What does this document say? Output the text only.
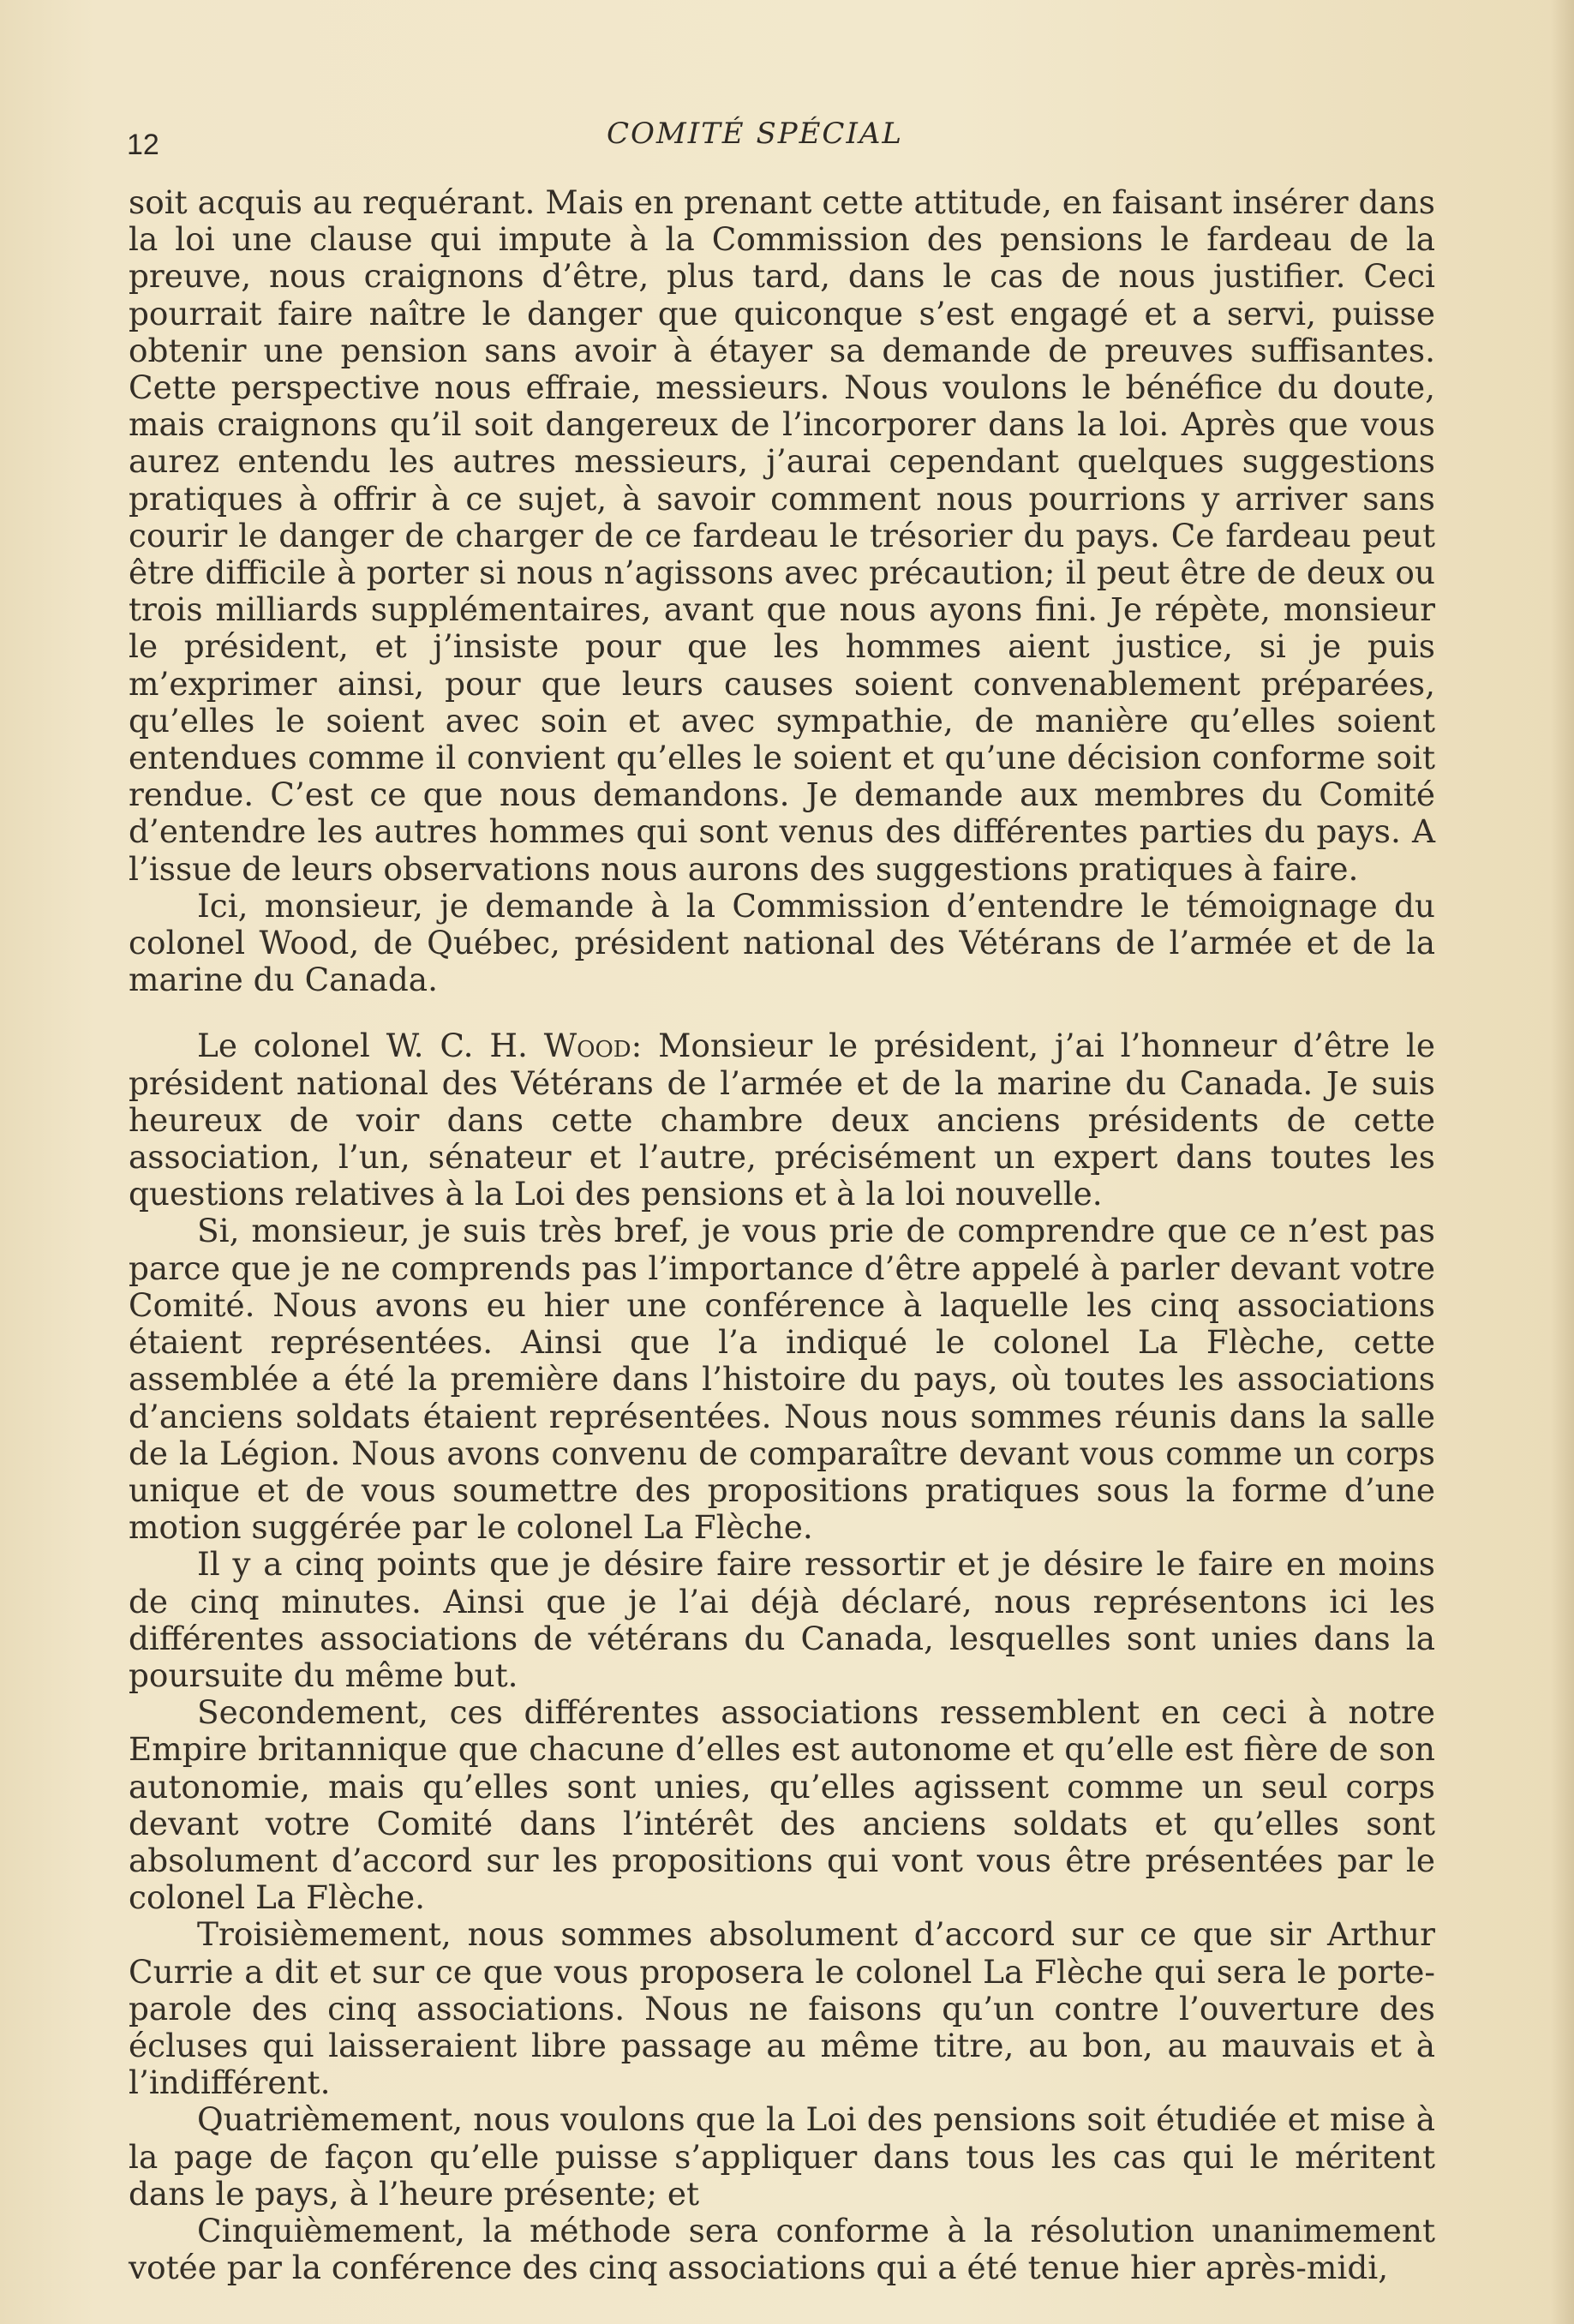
12	COMITÉ SPÉCIAL

soit acquis au requérant. Mais en prenant cette attitude, en faisant insérer dans la loi une clause qui impute à la Commission des pensions le fardeau de la preuve, nous craignons d’être, plus tard, dans le cas de nous justifier. Ceci pourrait faire naître le danger que quiconque s’est engagé et a servi, puisse obtenir une pension sans avoir à étayer sa demande de preuves suffisantes. Cette perspective nous effraie, messieurs. Nous voulons le bénéfice du doute, mais craignons qu’il soit dangereux de l’incorporer dans la loi. Après que vous aurez entendu les autres messieurs, j’aurai cependant quelques suggestions pratiques à offrir à ce sujet, à savoir comment nous pourrions y arriver sans courir le danger de charger de ce fardeau le trésorier du pays. Ce fardeau peut être difficile à porter si nous n’agissons avec précaution; il peut être de deux ou trois milliards supplémentaires, avant que nous ayons fini. Je répète, monsieur le président, et j’insiste pour que les hommes aient justice, si je puis m’exprimer ainsi, pour que leurs causes soient convenablement préparées, qu’elles le soient avec soin et avec sympathie, de manière qu’elles soient entendues comme il convient qu’elles le soient et qu’une décision conforme soit rendue. C’est ce que nous demandons. Je demande aux membres du Comité d’entendre les autres hommes qui sont venus des différentes parties du pays. A l’issue de leurs observations nous aurons des suggestions pratiques à faire.

Ici, monsieur, je demande à la Commission d’entendre le témoignage du colonel Wood, de Québec, président national des Vétérans de l’armée et de la marine du Canada.

Le colonel W. C. H. Wood: Monsieur le président, j’ai l’honneur d’être le président national des Vétérans de l’armée et de la marine du Canada. Je suis heureux de voir dans cette chambre deux anciens présidents de cette association, l’un, sénateur et l’autre, précisément un expert dans toutes les questions relatives à la Loi des pensions et à la loi nouvelle.

Si, monsieur, je suis très bref, je vous prie de comprendre que ce n’est pas parce que je ne comprends pas l’importance d’être appelé à parler devant votre Comité. Nous avons eu hier une conférence à laquelle les cinq associations étaient représentées. Ainsi que l’a indiqué le colonel La Flèche, cette assemblée a été la première dans l’histoire du pays, où toutes les associations d’anciens soldats étaient représentées. Nous nous sommes réunis dans la salle de la Légion. Nous avons convenu de comparaître devant vous comme un corps unique et de vous soumettre des propositions pratiques sous la forme d’une motion suggérée par le colonel La Flèche.

Il y a cinq points que je désire faire ressortir et je désire le faire en moins de cinq minutes. Ainsi que je l’ai déjà déclaré, nous représentons ici les différentes associations de vétérans du Canada, lesquelles sont unies dans la poursuite du même but.

Secondement, ces différentes associations ressemblent en ceci à notre Empire britannique que chacune d’elles est autonome et qu’elle est fière de son autonomie, mais qu’elles sont unies, qu’elles agissent comme un seul corps devant votre Comité dans l’intérêt des anciens soldats et qu’elles sont absolument d’accord sur les propositions qui vont vous être présentées par le colonel La Flèche.

Troisièmement, nous sommes absolument d’accord sur ce que sir Arthur Currie a dit et sur ce que vous proposera le colonel La Flèche qui sera le porte-parole des cinq associations. Nous ne faisons qu’un contre l’ouverture des écluses qui laisseraient libre passage au même titre, au bon, au mauvais et à l’indifférent.

Quatrièmement, nous voulons que la Loi des pensions soit étudiée et mise à la page de façon qu’elle puisse s’appliquer dans tous les cas qui le méritent dans le pays, à l’heure présente; et

Cinquièmement, la méthode sera conforme à la résolution unanimement votée par la conférence des cinq associations qui a été tenue hier après-midi,
